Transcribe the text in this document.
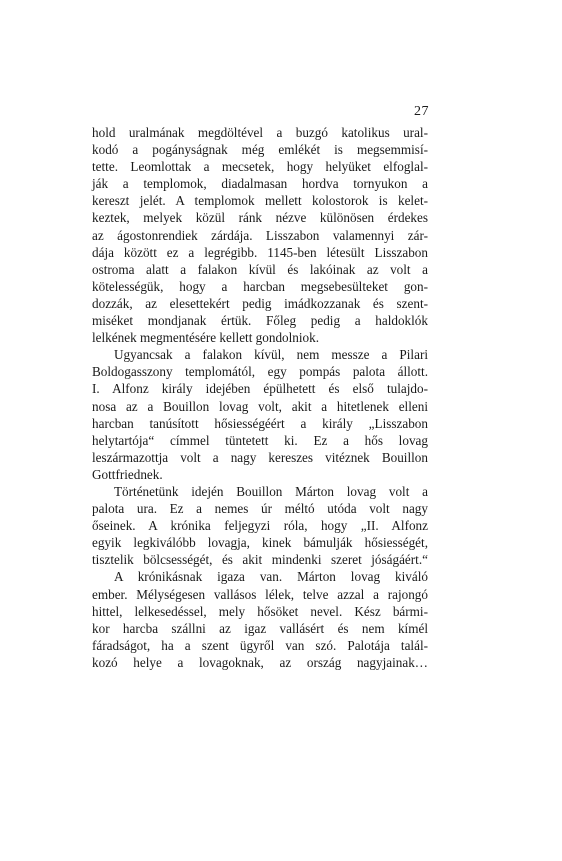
27

hold uralmának megdöltével a buzgó katolikus ural-
kodó a pogányságnak még emlékét is megsemmisí-
tette. Leomlottak a mecsetek, hogy helyüket elfoglal-
ják a templomok, diadalmasan hordva tornyukon a
kereszt jelét. A templomok mellett kolostorok is kelet-
keztek, melyek közül ránk nézve különösen érdekes
az ágostonrendiek zárdája. Lisszabon valamennyi zár-
dája között ez a legrégibb. 1145-ben létesült Lisszabon
ostroma alatt a falakon kívül és lakóinak az volt a
kötelességük, hogy a harcban megsebesülteket gon-
dozzák, az elesettekért pedig imádkozzanak és szent-
miséket mondjanak értük. Főleg pedig a haldoklók
lelkének megmentésére kellett gondolniok.

Ugyancsak a falakon kívül, nem messze a Pilari
Boldogasszony templomától, egy pompás palota állott.
I. Alfonz király idejében épülhetett és első tulajdo-
nosa az a Bouillon lovag volt, akit a hitetlenek elleni
harcban tanúsított hősiességéért a király „Lisszabon
helytartója“ címmel tüntetett ki. Ez a hős lovag
leszármazottja volt a nagy kereszes vitéznek Bouillon
Gottfriednek.

Történetünk idején Bouillon Márton lovag volt a
palota ura. Ez a nemes úr méltó utóda volt nagy
őseinek. A krónika feljegyzi róla, hogy „II. Alfonz
egyik legkiválóbb lovagja, kinek bámulják hősiességét,
tisztelik bölcsességét, és akit mindenki szeret jóságáért.“

A krónikásnak igaza van. Márton lovag kiváló
ember. Mélységesen vallásos lélek, telve azzal a rajongó
hittel, lelkesedéssel, mely hősöket nevel. Kész bármi-
kor harcba szállni az igaz vallásért és nem kímél
fáradságot, ha a szent ügyről van szó. Palotája talál-
kozó helye a lovagoknak, az ország nagyjainak…
